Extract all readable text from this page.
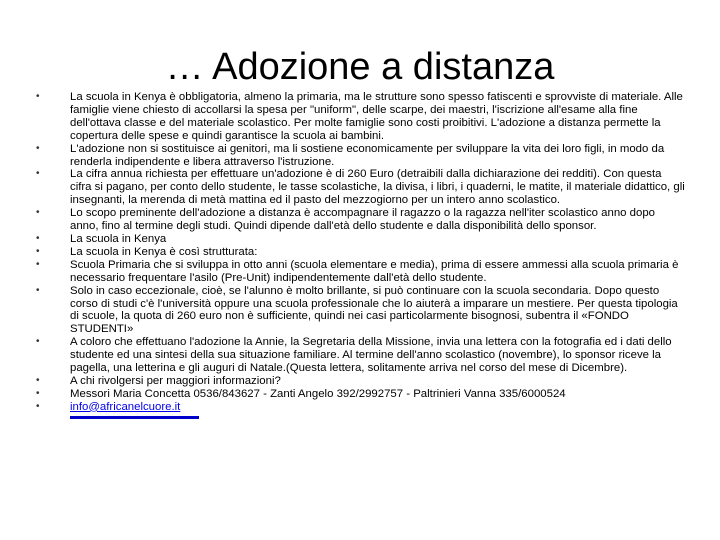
… Adozione a distanza
•	La scuola in Kenya è obbligatoria, almeno la primaria, ma le strutture sono spesso fatiscenti e sprovviste di materiale. Alle famiglie viene chiesto di accollarsi la spesa per "uniform", delle scarpe, dei maestri, l'iscrizione all'esame alla fine dell'ottava classe e del materiale scolastico. Per molte famiglie sono costi proibitivi. L'adozione a distanza permette la copertura delle spese e quindi garantisce la scuola ai bambini.
•	L'adozione non si sostituisce ai genitori, ma li sostiene economicamente per sviluppare la vita dei loro figli, in modo da renderla indipendente e libera attraverso l'istruzione.
•	La cifra annua richiesta per effettuare un'adozione è di 260 Euro (detraibili dalla dichiarazione dei redditi). Con questa cifra si pagano, per conto dello studente, le tasse scolastiche, la divisa, i libri, i quaderni, le matite, il materiale didattico, gli insegnanti, la merenda di metà mattina ed il pasto del mezzogiorno per un intero anno scolastico.
•	Lo scopo preminente dell'adozione a distanza è accompagnare il ragazzo o la ragazza nell'iter scolastico anno dopo anno, fino al termine degli studi. Quindi dipende dall'età dello studente e dalla disponibilità dello sponsor.
•	La scuola in Kenya
•	La scuola in Kenya è così strutturata:
•	Scuola Primaria che si sviluppa in otto anni (scuola elementare e media), prima di essere ammessi alla scuola primaria è necessario frequentare l'asilo (Pre-Unit) indipendentemente dall'età dello studente.
•	Solo in caso eccezionale, cioè, se l'alunno è molto brillante, si può continuare con la scuola secondaria. Dopo questo corso di studi c'è l'università oppure una scuola professionale che lo aiuterà a imparare un mestiere. Per questa tipologia di scuole, la quota di 260 euro non è sufficiente, quindi nei casi particolarmente bisognosi, subentra il «FONDO STUDENTI»
•	A coloro che effettuano l'adozione la Annie, la Segretaria della Missione, invia una lettera con la fotografia ed i dati dello studente ed una sintesi della sua situazione familiare. Al termine dell'anno scolastico (novembre), lo sponsor riceve la pagella, una letterina e gli auguri di Natale.(Questa lettera, solitamente arriva nel corso del mese di Dicembre).
•	A chi rivolgersi per maggiori informazioni?
•	Messori Maria Concetta 0536/843627 - Zanti Angelo 392/2992757 - Paltrinieri Vanna 335/6000524
•	info@africanelcuore.it
